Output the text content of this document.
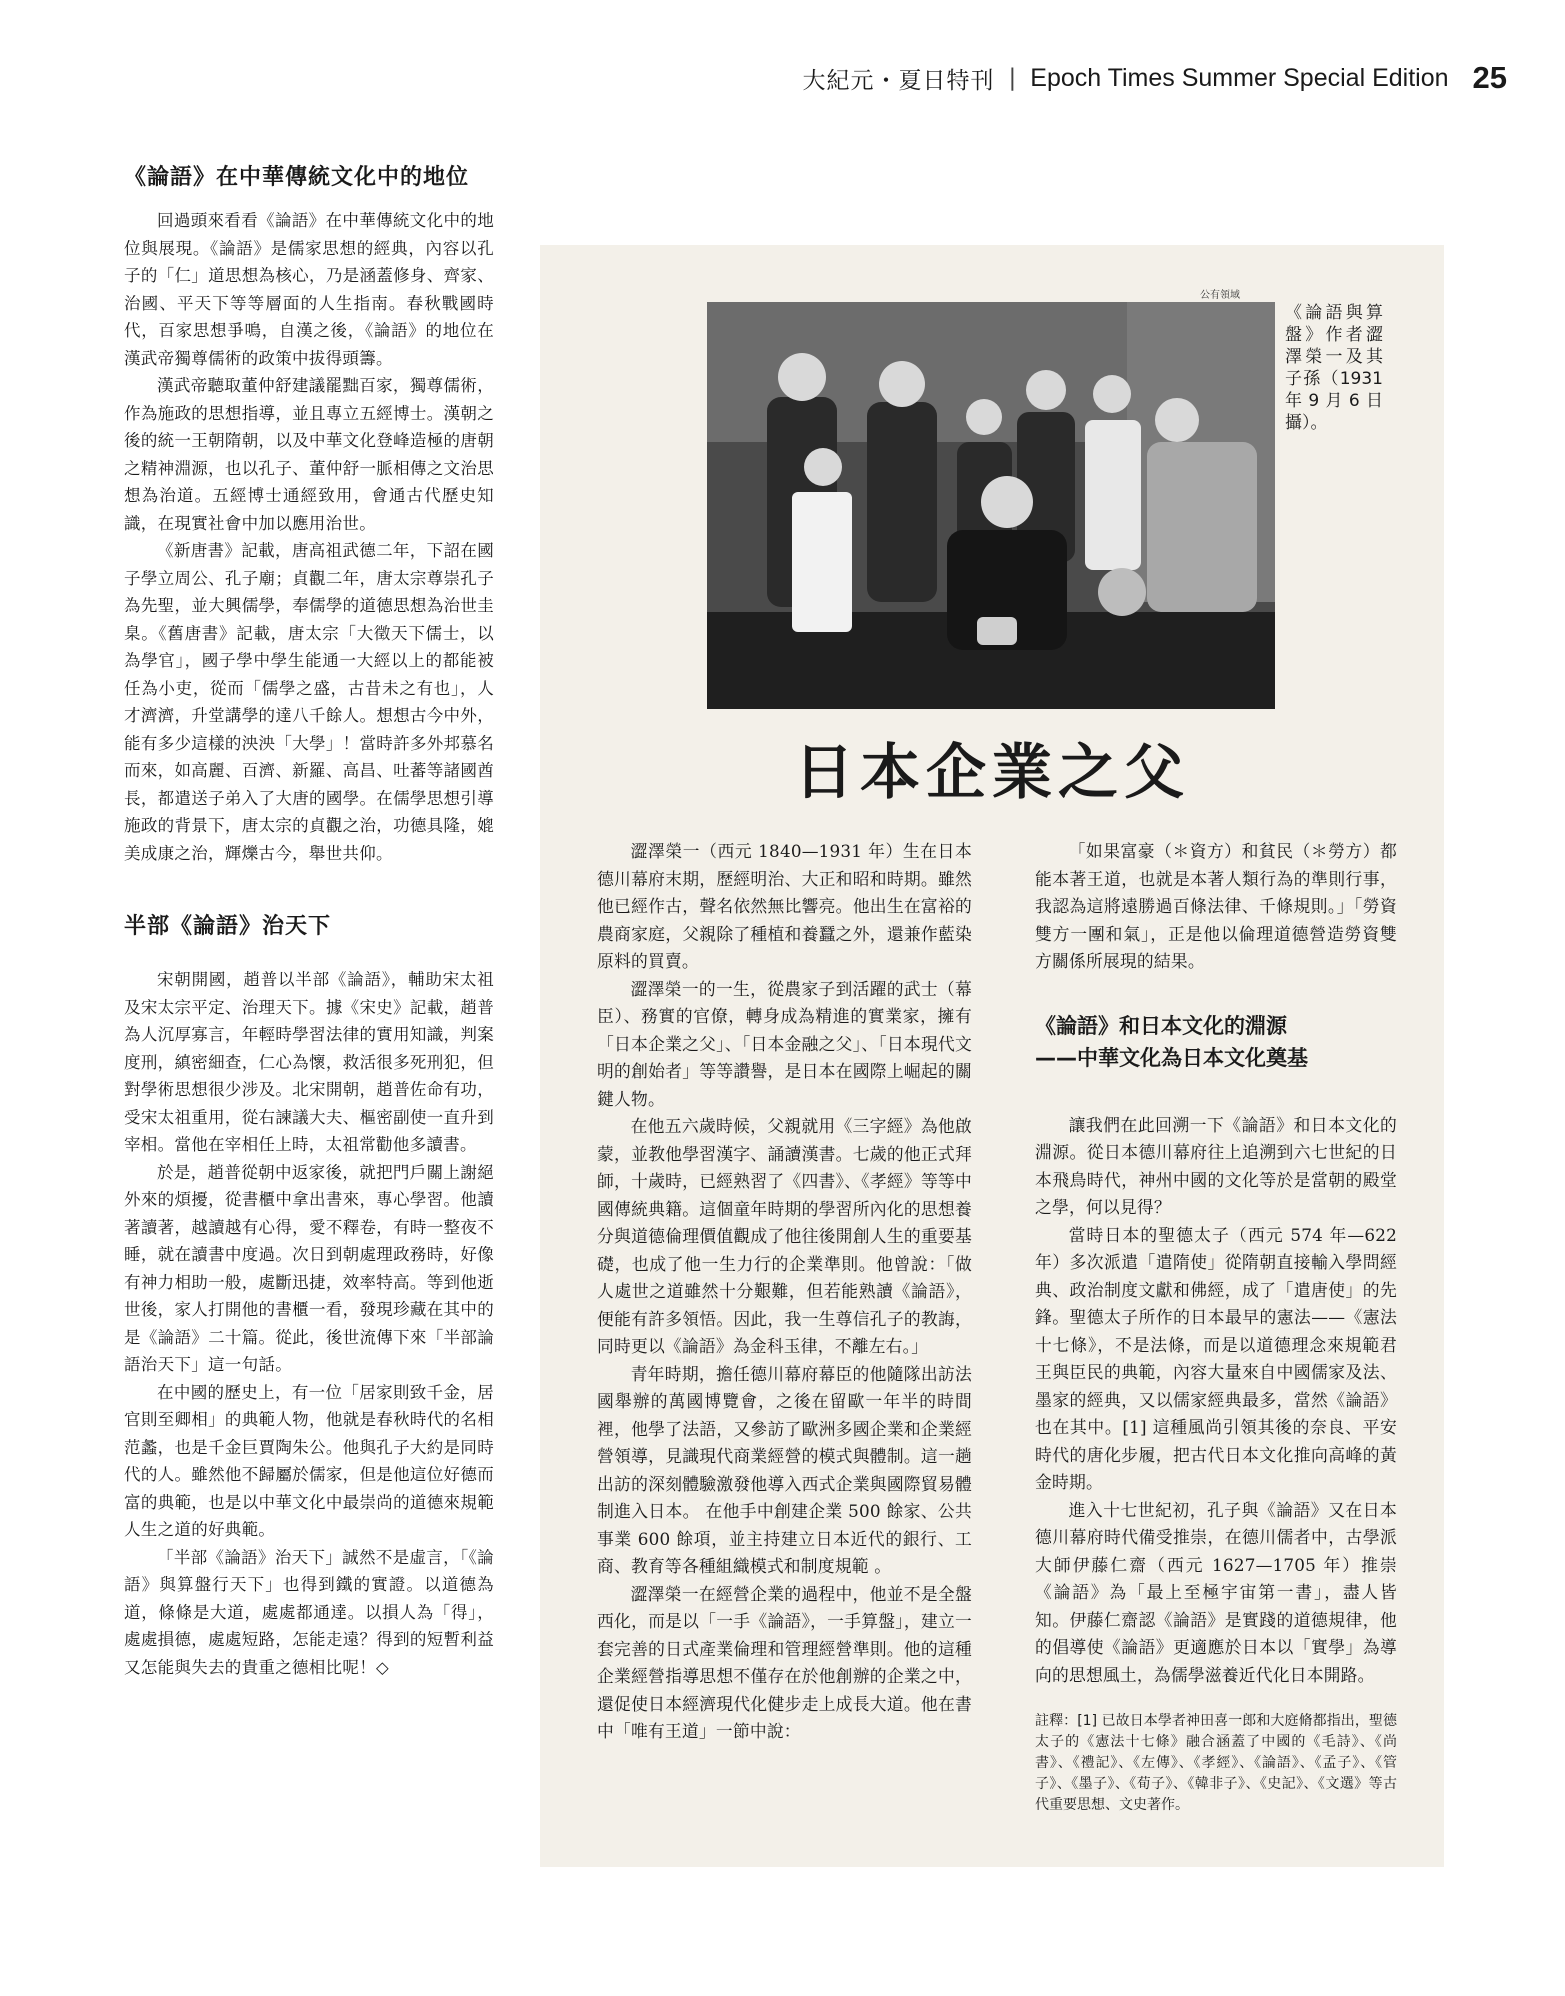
大紀元・夏日特刊 | Epoch Times Summer Special Edition 25
《論語》在中華傳統文化中的地位

回過頭來看看《論語》在中華傳統文化中的地位與展現。《論語》是儒家思想的經典，內容以孔子的「仁」道思想為核心，乃是涵蓋修身、齊家、治國、平天下等等層面的人生指南。春秋戰國時代，百家思想爭鳴，自漢之後，《論語》的地位在漢武帝獨尊儒術的政策中拔得頭籌。

漢武帝聽取董仲舒建議罷黜百家，獨尊儒術，作為施政的思想指導，並且專立五經博士。漢朝之後的統一王朝隋朝，以及中華文化登峰造極的唐朝之精神淵源，也以孔子、董仲舒一脈相傳之文治思想為治道。五經博士通經致用，會通古代歷史知識，在現實社會中加以應用治世。

《新唐書》記載，唐高祖武德二年，下詔在國子學立周公、孔子廟；貞觀二年，唐太宗尊崇孔子為先聖，並大興儒學，奉儒學的道德思想為治世圭臬。《舊唐書》記載，唐太宗「大徵天下儒士，以為學官」，國子學中學生能通一大經以上的都能被任為小吏，從而「儒學之盛，古昔未之有也」，人才濟濟，升堂講學的達八千餘人。想想古今中外，能有多少這樣的泱泱「大學」！當時許多外邦慕名而來，如高麗、百濟、新羅、高昌、吐蕃等諸國酋長，都遣送子弟入了大唐的國學。在儒學思想引導施政的背景下，唐太宗的貞觀之治，功德具隆，媲美成康之治，輝爍古今，舉世共仰。

半部《論語》治天下

宋朝開國，趙普以半部《論語》，輔助宋太祖及宋太宗平定、治理天下。據《宋史》記載，趙普為人沉厚寡言，年輕時學習法律的實用知識，判案度刑，縝密細查，仁心為懷，救活很多死刑犯，但對學術思想很少涉及。北宋開朝，趙普佐命有功，受宋太祖重用，從右諫議大夫、樞密副使一直升到宰相。當他在宰相任上時，太祖常勸他多讀書。

於是，趙普從朝中返家後，就把門戶關上謝絕外來的煩擾，從書櫃中拿出書來，專心學習。他讀著讀著，越讀越有心得，愛不釋卷，有時一整夜不睡，就在讀書中度過。次日到朝處理政務時，好像有神力相助一般，處斷迅捷，效率特高。等到他逝世後，家人打開他的書櫃一看，發現珍藏在其中的是《論語》二十篇。從此，後世流傳下來「半部論語治天下」這一句話。

在中國的歷史上，有一位「居家則致千金，居官則至卿相」的典範人物，他就是春秋時代的名相范蠡，也是千金巨賈陶朱公。他與孔子大約是同時代的人。雖然他不歸屬於儒家，但是他這位好德而富的典範，也是以中華文化中最崇尚的道德來規範人生之道的好典範。

「半部《論語》治天下」誠然不是虛言，「《論語》與算盤行天下」也得到鐵的實證。以道德為道，條條是大道，處處都通達。以損人為「得」，處處損德，處處短路，怎能走遠？得到的短暫利益又怎能與失去的貴重之德相比呢！◇

公有領域
《論語與算盤》作者澀澤榮一及其子孫（1931年9月6日攝）。
日本企業之父

澀澤榮一（西元 1840—1931 年）生在日本德川幕府末期，歷經明治、大正和昭和時期。雖然他已經作古，聲名依然無比響亮。他出生在富裕的農商家庭，父親除了種植和養蠶之外，還兼作藍染原料的買賣。

澀澤榮一的一生，從農家子到活躍的武士（幕臣）、務實的官僚，轉身成為精進的實業家，擁有「日本企業之父」、「日本金融之父」、「日本現代文明的創始者」等等讚譽，是日本在國際上崛起的關鍵人物。

在他五六歲時候，父親就用《三字經》為他啟蒙，並教他學習漢字、誦讀漢書。七歲的他正式拜師，十歲時，已經熟習了《四書》、《孝經》等等中國傳統典籍。這個童年時期的學習所內化的思想養分與道德倫理價值觀成了他往後開創人生的重要基礎，也成了他一生力行的企業準則。他曾說：「做人處世之道雖然十分艱難，但若能熟讀《論語》，便能有許多領悟。因此，我一生尊信孔子的教誨，同時更以《論語》為金科玉律，不離左右。」

青年時期，擔任德川幕府幕臣的他隨隊出訪法國舉辦的萬國博覽會，之後在留歐一年半的時間裡，他學了法語，又參訪了歐洲多國企業和企業經營領導，見識現代商業經營的模式與體制。這一趟出訪的深刻體驗激發他導入西式企業與國際貿易體制進入日本。 在他手中創建企業 500 餘家、公共事業 600 餘項，並主持建立日本近代的銀行、工商、教育等各種組織模式和制度規範 。

澀澤榮一在經營企業的過程中，他並不是全盤西化，而是以「一手《論語》，一手算盤」，建立一套完善的日式產業倫理和管理經營準則。他的這種企業經營指導思想不僅存在於他創辦的企業之中，還促使日本經濟現代化健步走上成長大道。他在書中「唯有王道」一節中說：

「如果富豪（＊資方）和貧民（＊勞方）都能本著王道，也就是本著人類行為的準則行事，我認為這將遠勝過百條法律、千條規則。」「勞資雙方一團和氣」，正是他以倫理道德營造勞資雙方關係所展現的結果。

《論語》和日本文化的淵源
——中華文化為日本文化奠基

讓我們在此回溯一下《論語》和日本文化的淵源。從日本德川幕府往上追溯到六七世紀的日本飛鳥時代，神州中國的文化等於是當朝的殿堂之學，何以見得？

當時日本的聖德太子（西元 574 年—622 年）多次派遣「遣隋使」從隋朝直接輸入學問經典、政治制度文獻和佛經，成了「遣唐使」的先鋒。聖德太子所作的日本最早的憲法——《憲法十七條》，不是法條，而是以道德理念來規範君王與臣民的典範，內容大量來自中國儒家及法、墨家的經典，又以儒家經典最多，當然《論語》也在其中。[1] 這種風尚引領其後的奈良、平安時代的唐化步履，把古代日本文化推向高峰的黃金時期。

進入十七世紀初，孔子與《論語》又在日本德川幕府時代備受推崇，在德川儒者中，古學派大師伊藤仁齋（西元 1627—1705 年）推崇《論語》為「最上至極宇宙第一書」，盡人皆知。伊藤仁齋認《論語》是實踐的道德規律，他的倡導使《論語》更適應於日本以「實學」為導向的思想風土，為儒學滋養近代化日本開路。

註釋：[1] 已故日本學者神田喜一郎和大庭脩都指出，聖德太子的《憲法十七條》融合涵蓋了中國的《毛詩》、《尚書》、《禮記》、《左傳》、《孝經》、《論語》、《孟子》、《管子》、《墨子》、《荀子》、《韓非子》、《史記》、《文選》等古代重要思想、文史著作。
